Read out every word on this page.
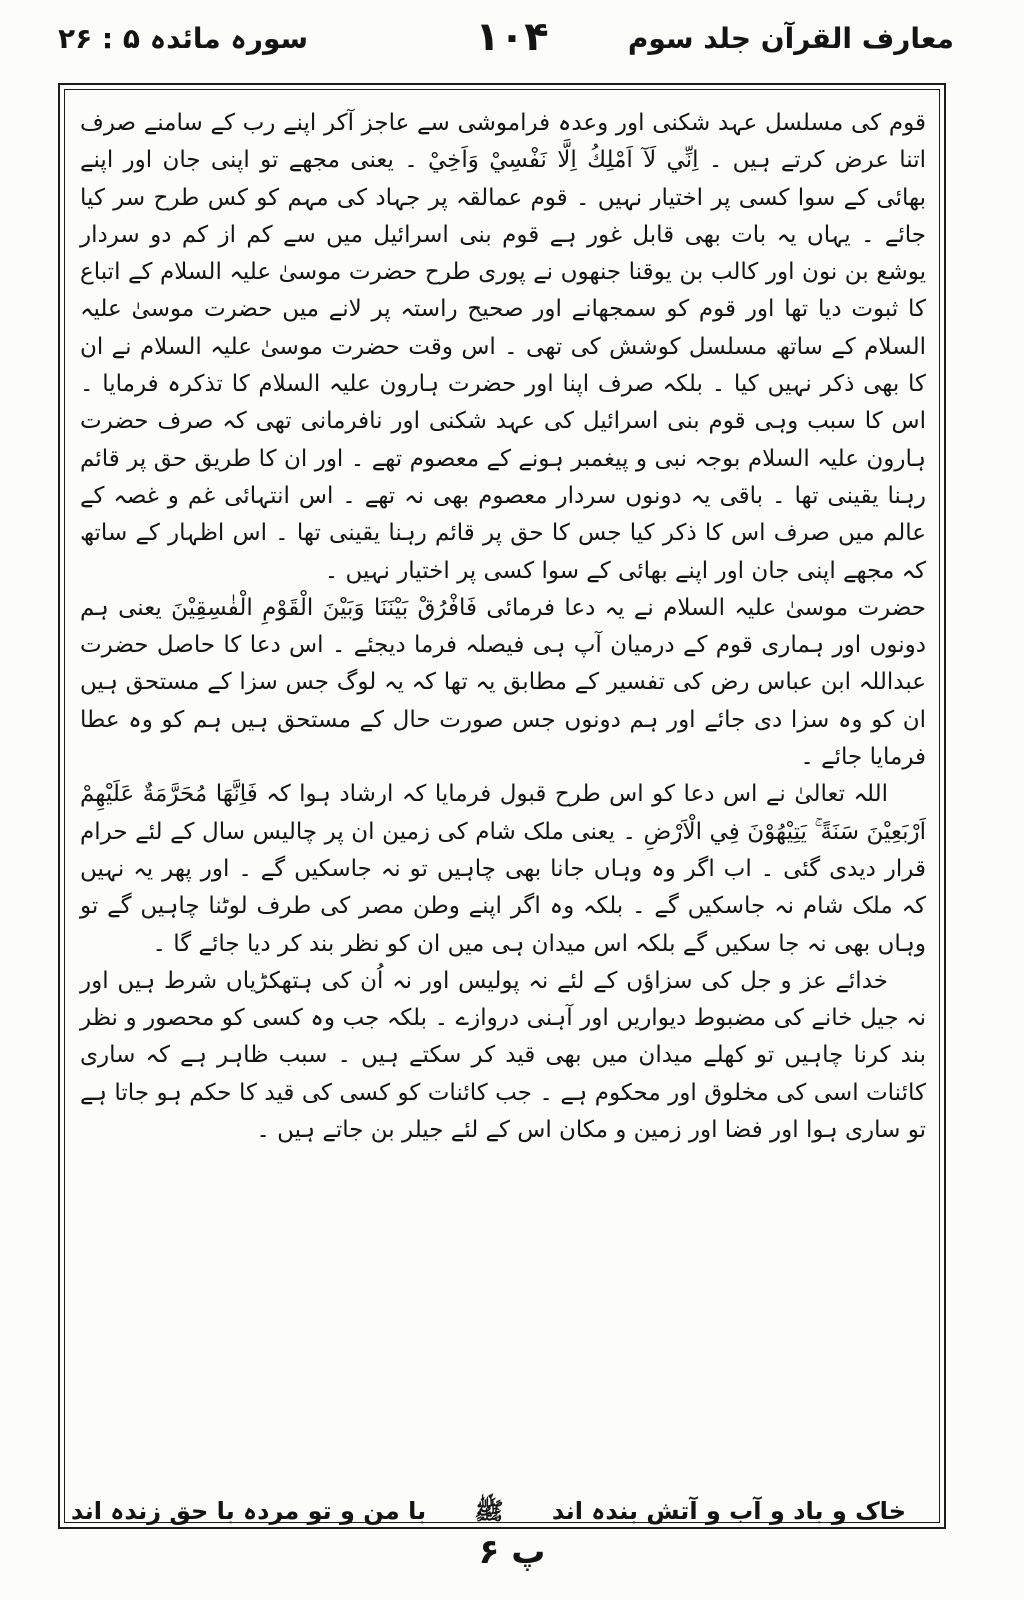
معارف القرآن جلد سوم
۱۰۴
سورہ مائدہ ۵ : ۲۶

قوم کی مسلسل عہد شکنی اور وعدہ فراموشی سے عاجز آکر اپنے رب کے سامنے صرف اتنا عرض کرتے ہیں ۔ اِنِّي لَآ اَمْلِكُ اِلَّا نَفْسِيْ وَاَخِيْ ۔ یعنی مجھے تو اپنی جان اور اپنے بھائی کے سوا کسی پر اختیار نہیں ۔ قوم عمالقہ پر جہاد کی مہم کو کس طرح سر کیا جائے ۔ یہاں یہ بات بھی قابل غور ہے قوم بنی اسرائیل میں سے کم از کم دو سردار یوشع بن نون اور کالب بن یوقنا جنھوں نے پوری طرح حضرت موسیٰ علیہ السلام کے اتباع کا ثبوت دیا تھا اور قوم کو سمجھانے اور صحیح راستہ پر لانے میں حضرت موسیٰ علیہ السلام کے ساتھ مسلسل کوشش کی تھی ۔ اس وقت حضرت موسیٰ علیہ السلام نے ان کا بھی ذکر نہیں کیا ۔ بلکہ صرف اپنا اور حضرت ہارون علیہ السلام کا تذکرہ فرمایا ۔ اس کا سبب وہی قوم بنی اسرائیل کی عہد شکنی اور نافرمانی تھی کہ صرف حضرت ہارون علیہ السلام بوجہ نبی و پیغمبر ہونے کے معصوم تھے ۔ اور ان کا طریق حق پر قائم رہنا یقینی تھا ۔ باقی یہ دونوں سردار معصوم بھی نہ تھے ۔ اس انتہائی غم و غصہ کے عالم میں صرف اس کا ذکر کیا جس کا حق پر قائم رہنا یقینی تھا ۔ اس اظہار کے ساتھ کہ مجھے اپنی جان اور اپنے بھائی کے سوا کسی پر اختیار نہیں ۔

حضرت موسیٰ علیہ السلام نے یہ دعا فرمائی فَافْرُقْ بَيْنَنَا وَبَيْنَ الْقَوْمِ الْفٰسِقِيْنَ یعنی ہم دونوں اور ہماری قوم کے درمیان آپ ہی فیصلہ فرما دیجئے ۔ اس دعا کا حاصل حضرت عبداللہ ابن عباس رض کی تفسیر کے مطابق یہ تھا کہ یہ لوگ جس سزا کے مستحق ہیں ان کو وہ سزا دی جائے اور ہم دونوں جس صورت حال کے مستحق ہیں ہم کو وہ عطا فرمایا جائے ۔

اللہ تعالیٰ نے اس دعا کو اس طرح قبول فرمایا کہ ارشاد ہوا کہ فَاِنَّهَا مُحَرَّمَةٌ عَلَيْهِمْ اَرْبَعِيْنَ سَنَةً ۚ يَتِيْهُوْنَ فِي الْاَرْضِ ۔ یعنی ملک شام کی زمین ان پر چالیس سال کے لئے حرام قرار دیدی گئی ۔ اب اگر وہ وہاں جانا بھی چاہیں تو نہ جاسکیں گے ۔ اور پھر یہ نہیں کہ ملک شام نہ جاسکیں گے ۔ بلکہ وہ اگر اپنے وطن مصر کی طرف لوٹنا چاہیں گے تو وہاں بھی نہ جا سکیں گے بلکہ اس میدان ہی میں ان کو نظر بند کر دیا جائے گا ۔

خدائے عز و جل کی سزاؤں کے لئے نہ پولیس اور نہ اُن کی ہتھکڑیاں شرط ہیں اور نہ جیل خانے کی مضبوط دیواریں اور آہنی دروازے ۔ بلکہ جب وہ کسی کو محصور و نظر بند کرنا چاہیں تو کھلے میدان میں بھی قید کر سکتے ہیں ۔ سبب ظاہر ہے کہ ساری کائنات اسی کی مخلوق اور محکوم ہے ۔ جب کائنات کو کسی کی قید کا حکم ہو جاتا ہے تو ساری ہوا اور فضا اور زمین و مکان اس کے لئے جیلر بن جاتے ہیں ۔

خاک و باد و آب و آتش بندہ اند ﷺ با من و تو مردہ با حق زندہ اند
پ ۶
